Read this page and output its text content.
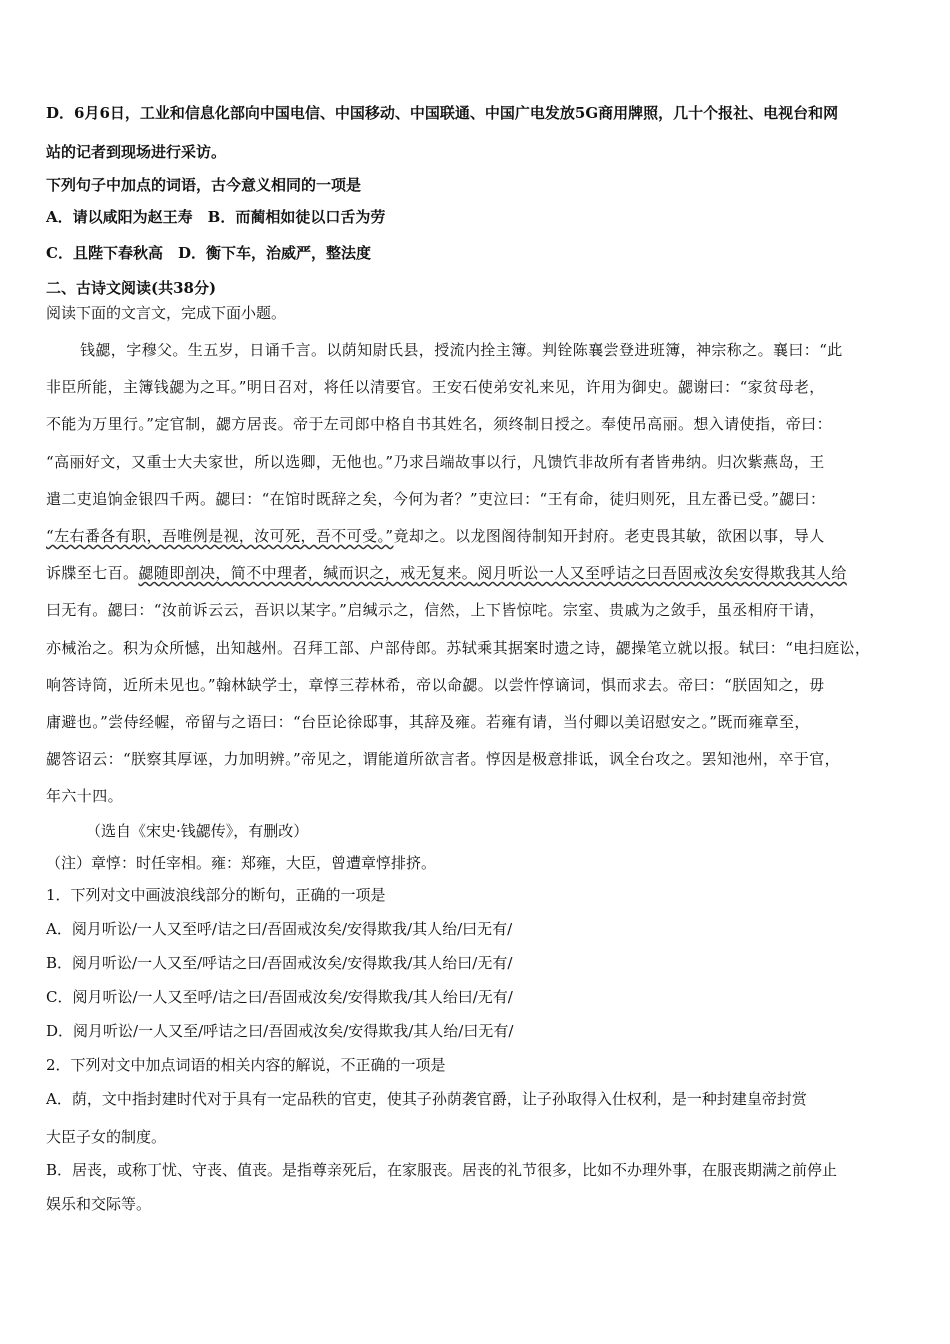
D．6月6日，工业和信息化部向中国电信、中国移动、中国联通、中国广电发放5G商用牌照，几十个报社、电视台和网
站的记者到现场进行采访。
下列句子中加点的词语，古今意义相同的一项是
A．请以咸阳为赵王寿　B．而蔺相如徒以口舌为劳
C．且陛下春秋高　D．衡下车，治威严，整法度
二、古诗文阅读(共38分)
阅读下面的文言文，完成下面小题。
钱勰，字穆父。生五岁，日诵千言。以荫知尉氏县，授流内拴主簿。判铨陈襄尝登进班簿，神宗称之。襄曰：“此
非臣所能，主簿钱勰为之耳。”明日召对，将任以清要官。王安石使弟安礼来见，许用为御史。勰谢曰：“家贫母老，
不能为万里行。”定官制，勰方居丧。帝于左司郎中格自书其姓名，须终制日授之。奉使吊高丽。想入请使指，帝曰：
“高丽好文，又重士大夫家世，所以选卿，无他也。”乃求吕端故事以行，凡馈饩非故所有者皆弗纳。归次紫燕岛，王
遣二吏追饷金银四千两。勰曰：“在馆时既辞之矣，今何为者？”吏泣曰：“王有命，徒归则死，且左番已受。”勰曰：
“左右番各有职，吾唯例是视，汝可死，吾不可受。”竟却之。以龙图阁待制知开封府。老吏畏其敏，欲困以事，导人
诉牒至七百。勰随即剖决，简不中理者，缄而识之，戒无复来。阅月听讼一人又至呼诘之曰吾固戒汝矣安得欺我其人给
曰无有。勰曰：“汝前诉云云，吾识以某字。”启缄示之，信然，上下皆惊咤。宗室、贵戚为之敛手，虽丞相府干请，
亦械治之。积为众所憾，出知越州。召拜工部、户部侍郎。苏轼乘其据案时遗之诗，勰操笔立就以报。轼曰：“电扫庭讼，
响答诗筒，近所未见也。”翰林缺学士，章惇三荐林希，帝以命勰。以尝忤惇谪词，惧而求去。帝曰：“朕固知之，毋
庸避也。”尝侍经幄，帝留与之语曰：“台臣论徐邸事，其辞及雍。若雍有请，当付卿以美诏慰安之。”既而雍章至，
勰答诏云：“朕察其厚诬，力加明辨。”帝见之，谓能道所欲言者。惇因是极意排诋，讽全台攻之。罢知池州，卒于官，
年六十四。
（选自《宋史·钱勰传》，有删改）
（注）章惇：时任宰相。雍：郑雍，大臣，曾遭章惇排挤。
1．下列对文中画波浪线部分的断句，正确的一项是
A．阅月听讼/一人又至呼/诘之曰/吾固戒汝矣/安得欺我/其人绐/曰无有/
B．阅月听讼/一人又至/呼诘之曰/吾固戒汝矣/安得欺我/其人绐曰/无有/
C．阅月听讼/一人又至呼/诘之曰/吾固戒汝矣/安得欺我/其人绐曰/无有/
D．阅月听讼/一人又至/呼诘之曰/吾固戒汝矣/安得欺我/其人绐/曰无有/
2．下列对文中加点词语的相关内容的解说，不正确的一项是
A．荫，文中指封建时代对于具有一定品秩的官吏，使其子孙荫袭官爵，让子孙取得入仕权利，是一种封建皇帝封赏
大臣子女的制度。
B．居丧，或称丁忧、守丧、值丧。是指尊亲死后，在家服丧。居丧的礼节很多，比如不办理外事，在服丧期满之前停止
娱乐和交际等。
